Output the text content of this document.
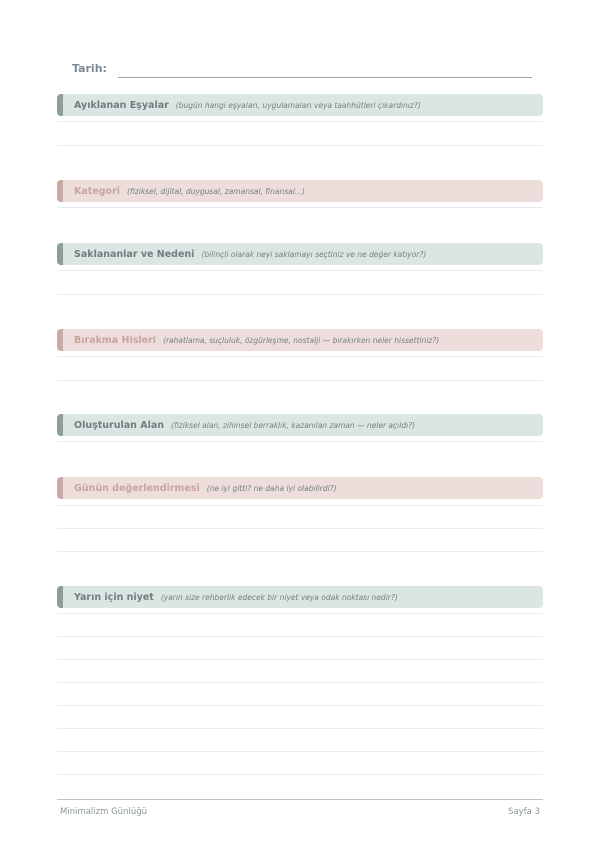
Tarih:
Ayıklanan Eşyalar (bugün hangi eşyaları, uygulamaları veya taahhütleri çıkardınız?)
Kategori (fiziksel, dijital, duygusal, zamansal, finansal...)
Saklananlar ve Nedeni (bilinçli olarak neyi saklamayı seçtiniz ve ne değer katıyor?)
Bırakma Hisleri (rahatlama, suçluluk, özgürleşme, nostalji — bırakırken neler hissettiniz?)
Oluşturulan Alan (fiziksel alan, zihinsel berraklık, kazanılan zaman — neler açıldı?)
Günün değerlendirmesi (ne iyi gitti? ne daha iyi olabilirdi?)
Yarın için niyet (yarın size rehberlik edecek bir niyet veya odak noktası nedir?)
Minimalizm Günlüğü	Sayfa 3
